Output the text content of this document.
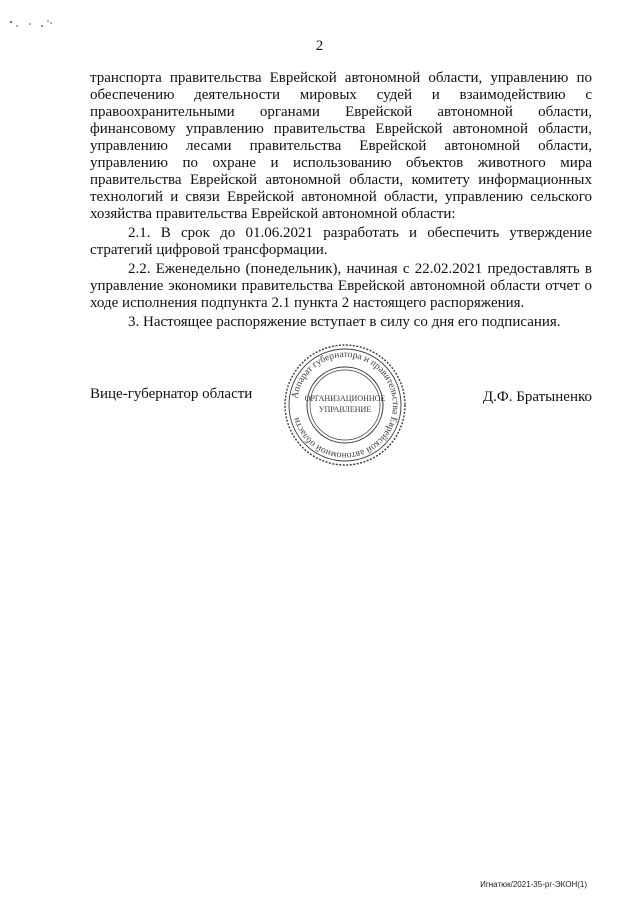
2

транспорта правительства Еврейской автономной области, управлению по обеспечению деятельности мировых судей и взаимодействию с правоохранительными органами Еврейской автономной области, финансовому управлению правительства Еврейской автономной области, управлению лесами правительства Еврейской автономной области, управлению по охране и использованию объектов животного мира правительства Еврейской автономной области, комитету информационных технологий и связи Еврейской автономной области, управлению сельского хозяйства правительства Еврейской автономной области:

2.1. В срок до 01.06.2021 разработать и обеспечить утверждение стратегий цифровой трансформации.

2.2. Еженедельно (понедельник), начиная с 22.02.2021 предоставлять в управление экономики правительства Еврейской автономной области отчет о ходе исполнения подпункта 2.1 пункта 2 настоящего распоряжения.

3. Настоящее распоряжение вступает в силу со дня его подписания.

Вице-губернатор области	Д.Ф. Братыненко
Аппарат губернатора и правительства Еврейской автономной области
ОРГАНИЗАЦИОННОЕ
УПРАВЛЕНИЕ
Игнатюк/2021-35-рг-ЭКОН(1)
